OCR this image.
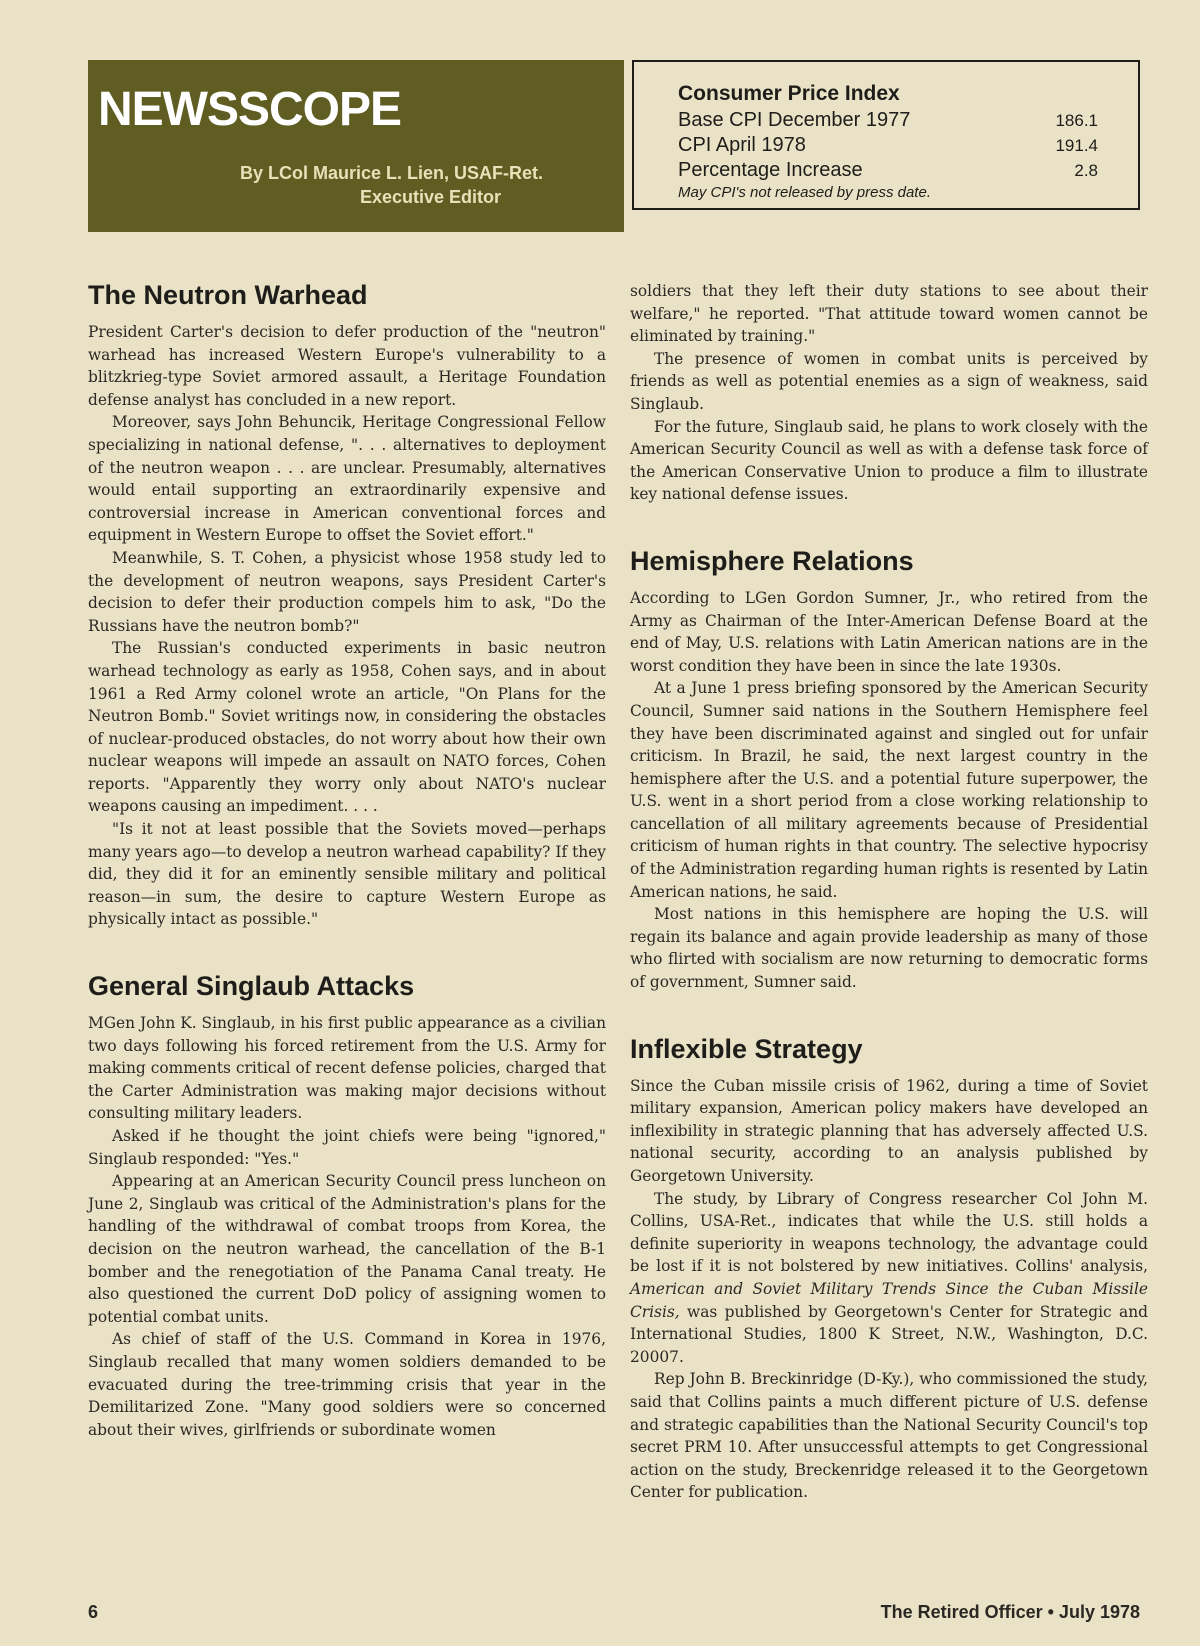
NEWSSCOPE
By LCol Maurice L. Lien, USAF-Ret.
Executive Editor
Consumer Price Index
Base CPI December 1977	186.1
CPI April 1978	191.4
Percentage Increase	2.8
May CPI's not released by press date.
The Neutron Warhead

President Carter's decision to defer production of the "neutron" warhead has increased Western Europe's vulnerability to a blitzkrieg-type Soviet armored assault, a Heritage Foundation defense analyst has concluded in a new report.

Moreover, says John Behuncik, Heritage Congressional Fellow specializing in national defense, ". . . alternatives to deployment of the neutron weapon . . . are unclear. Presumably, alternatives would entail supporting an extraordinarily expensive and controversial increase in American conventional forces and equipment in Western Europe to offset the Soviet effort."

Meanwhile, S. T. Cohen, a physicist whose 1958 study led to the development of neutron weapons, says President Carter's decision to defer their production compels him to ask, "Do the Russians have the neutron bomb?"

The Russian's conducted experiments in basic neutron warhead technology as early as 1958, Cohen says, and in about 1961 a Red Army colonel wrote an article, "On Plans for the Neutron Bomb." Soviet writings now, in considering the obstacles of nuclear-produced obstacles, do not worry about how their own nuclear weapons will impede an assault on NATO forces, Cohen reports. "Apparently they worry only about NATO's nuclear weapons causing an impediment. . . .

"Is it not at least possible that the Soviets moved—perhaps many years ago—to develop a neutron warhead capability? If they did, they did it for an eminently sensible military and political reason—in sum, the desire to capture Western Europe as physically intact as possible."

General Singlaub Attacks

MGen John K. Singlaub, in his first public appearance as a civilian two days following his forced retirement from the U.S. Army for making comments critical of recent defense policies, charged that the Carter Administration was making major decisions without consulting military leaders.

Asked if he thought the joint chiefs were being "ignored," Singlaub responded: "Yes."

Appearing at an American Security Council press luncheon on June 2, Singlaub was critical of the Administration's plans for the handling of the withdrawal of combat troops from Korea, the decision on the neutron warhead, the cancellation of the B-1 bomber and the renegotiation of the Panama Canal treaty. He also questioned the current DoD policy of assigning women to potential combat units.

As chief of staff of the U.S. Command in Korea in 1976, Singlaub recalled that many women soldiers demanded to be evacuated during the tree-trimming crisis that year in the Demilitarized Zone. "Many good soldiers were so concerned about their wives, girlfriends or subordinate women

soldiers that they left their duty stations to see about their welfare," he reported. "That attitude toward women cannot be eliminated by training."

The presence of women in combat units is perceived by friends as well as potential enemies as a sign of weakness, said Singlaub.

For the future, Singlaub said, he plans to work closely with the American Security Council as well as with a defense task force of the American Conservative Union to produce a film to illustrate key national defense issues.

Hemisphere Relations

According to LGen Gordon Sumner, Jr., who retired from the Army as Chairman of the Inter-American Defense Board at the end of May, U.S. relations with Latin American nations are in the worst condition they have been in since the late 1930s.

At a June 1 press briefing sponsored by the American Security Council, Sumner said nations in the Southern Hemisphere feel they have been discriminated against and singled out for unfair criticism. In Brazil, he said, the next largest country in the hemisphere after the U.S. and a potential future superpower, the U.S. went in a short period from a close working relationship to cancellation of all military agreements because of Presidential criticism of human rights in that country. The selective hypocrisy of the Administration regarding human rights is resented by Latin American nations, he said.

Most nations in this hemisphere are hoping the U.S. will regain its balance and again provide leadership as many of those who flirted with socialism are now returning to democratic forms of government, Sumner said.

Inflexible Strategy

Since the Cuban missile crisis of 1962, during a time of Soviet military expansion, American policy makers have developed an inflexibility in strategic planning that has adversely affected U.S. national security, according to an analysis published by Georgetown University.

The study, by Library of Congress researcher Col John M. Collins, USA-Ret., indicates that while the U.S. still holds a definite superiority in weapons technology, the advantage could be lost if it is not bolstered by new initiatives. Collins' analysis, American and Soviet Military Trends Since the Cuban Missile Crisis, was published by Georgetown's Center for Strategic and International Studies, 1800 K Street, N.W., Washington, D.C. 20007.

Rep John B. Breckinridge (D-Ky.), who commissioned the study, said that Collins paints a much different picture of U.S. defense and strategic capabilities than the National Security Council's top secret PRM 10. After unsuccessful attempts to get Congressional action on the study, Breckenridge released it to the Georgetown Center for publication.

6	The Retired Officer • July 1978
